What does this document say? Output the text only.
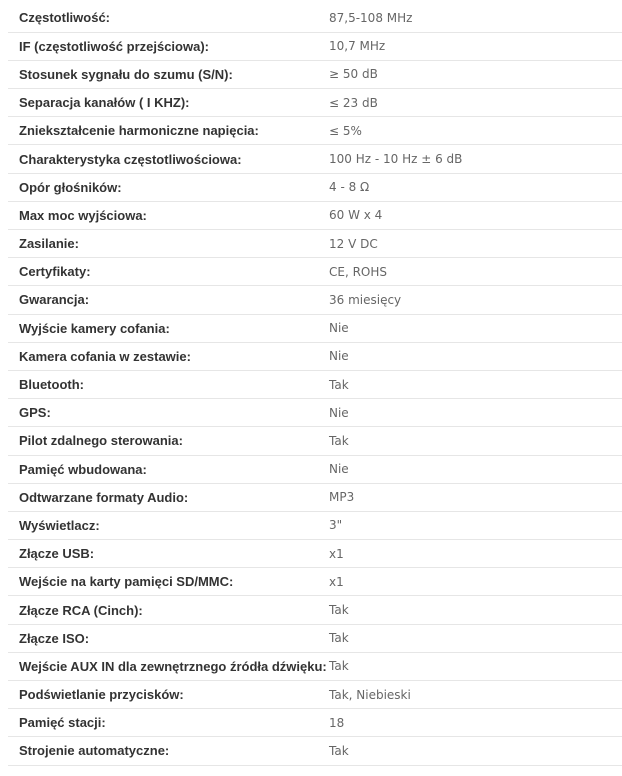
Częstotliwość:	87,5-108 MHz
IF (częstotliwość przejściowa):	10,7 MHz
Stosunek sygnału do szumu (S/N):	≥ 50 dB
Separacja kanałów ( I KHZ):	≤ 23 dB
Zniekształcenie harmoniczne napięcia:	≤ 5%
Charakterystyka częstotliwościowa:	100 Hz - 10 Hz ± 6 dB
Opór głośników:	4 - 8 Ω
Max moc wyjściowa:	60 W x 4
Zasilanie:	12 V DC
Certyfikaty:	CE, ROHS
Gwarancja:	36 miesięcy
Wyjście kamery cofania:	Nie
Kamera cofania w zestawie:	Nie
Bluetooth:	Tak
GPS:	Nie
Pilot zdalnego sterowania:	Tak
Pamięć wbudowana:	Nie
Odtwarzane formaty Audio:	MP3
Wyświetlacz:	3"
Złącze USB:	x1
Wejście na karty pamięci SD/MMC:	x1
Złącze RCA (Cinch):	Tak
Złącze ISO:	Tak
Wejście AUX IN dla zewnętrznego źródła dźwięku:	Tak
Podświetlanie przycisków:	Tak, Niebieski
Pamięć stacji:	18
Strojenie automatyczne:	Tak
